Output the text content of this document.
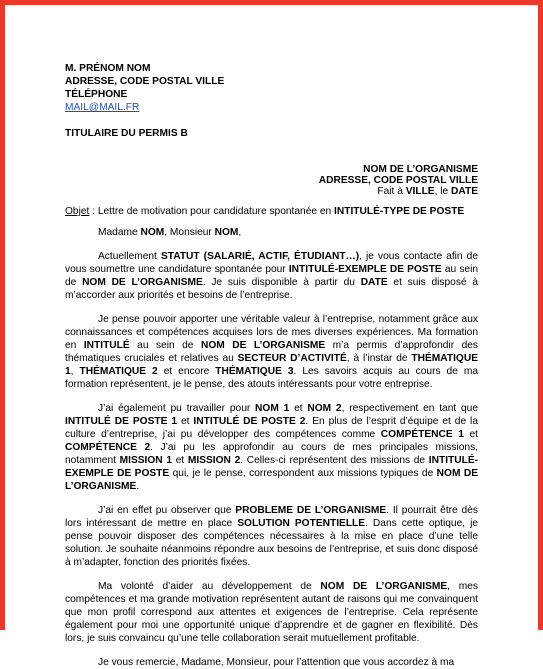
M. PRÉNOM NOM
ADRESSE, CODE POSTAL VILLE
TÉLÉPHONE
MAIL@MAIL.FR
TITULAIRE DU PERMIS B
NOM DE L’ORGANISME
ADRESSE, CODE POSTAL VILLE
Fait à VILLE, le DATE
Objet : Lettre de motivation pour candidature spontanée en INTITULÉ-TYPE DE POSTE
Madame NOM, Monsieur NOM,

Actuellement STATUT (SALARIÉ, ACTIF, ÉTUDIANT…), je vous contacte afin de vous soumettre une candidature spontanée pour INTITULÉ-EXEMPLE DE POSTE au sein de NOM DE L’ORGANISME. Je suis disponible à partir du DATE et suis disposé à m’accorder aux priorités et besoins de l’entreprise.

Je pense pouvoir apporter une véritable valeur à l’entreprise, notamment grâce aux connaissances et compétences acquises lors de mes diverses expériences. Ma formation en INTITULÉ au sein de NOM DE L’ORGANISME m’a permis d’approfondir des thématiques cruciales et relatives au SECTEUR D’ACTIVITÉ, à l’instar de THÉMATIQUE 1, THÉMATIQUE 2 et encore THÉMATIQUE 3. Les savoirs acquis au cours de ma formation représentent, je le pense, des atouts intéressants pour votre entreprise.

J’ai également pu travailler pour NOM 1 et NOM 2, respectivement en tant que INTITULÉ DE POSTE 1 et INTITULÉ DE POSTE 2. En plus de l’esprit d’équipe et de la culture d’entreprise, j’ai pu développer des compétences comme COMPÉTENCE 1 et COMPÉTENCE 2. J’ai pu les approfondir au cours de mes principales missions, notamment MISSION 1 et MISSION 2. Celles-ci représentent des missions de INTITULÉ-EXEMPLE DE POSTE qui, je le pense, correspondent aux missions typiques de NOM DE L’ORGANISME.

J’ai en effet pu observer que PROBLEME DE L’ORGANISME. Il pourrait être dès lors intéressant de mettre en place SOLUTION POTENTIELLE. Dans cette optique, je pense pouvoir disposer des compétences nécessaires à la mise en place d’une telle solution. Je souhaite néanmoins répondre aux besoins de l’entreprise, et suis donc disposé à m’adapter, fonction des priorités fixées.

Ma volonté d’aider au développement de NOM DE L’ORGANISME, mes compétences et ma grande motivation représentent autant de raisons qui me convainquent que mon profil correspond aux attentes et exigences de l’entreprise. Cela représente également pour moi une opportunité unique d’apprendre et de gagner en flexibilité. Dès lors, je suis convaincu qu’une telle collaboration serait mutuellement profitable.

Je vous remercie, Madame, Monsieur, pour l’attention que vous accordez à ma
